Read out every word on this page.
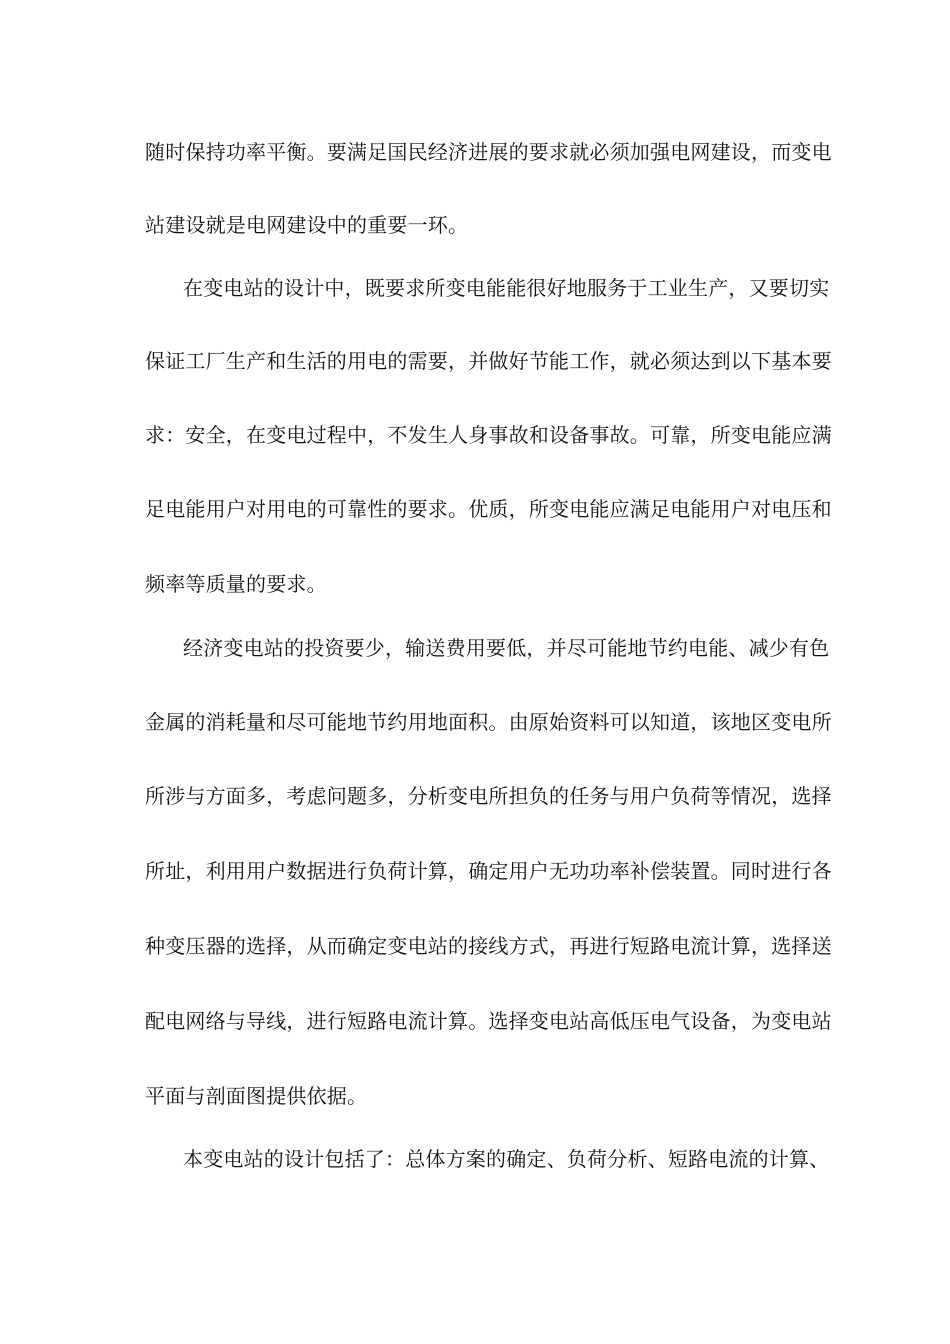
随时保持功率平衡。要满足国民经济进展的要求就必须加强电网建设，而变电
站建设就是电网建设中的重要一环。
在变电站的设计中，既要求所变电能能很好地服务于工业生产，又要切实
保证工厂生产和生活的用电的需要，并做好节能工作，就必须达到以下基本要
求：安全，在变电过程中，不发生人身事故和设备事故。可靠，所变电能应满
足电能用户对用电的可靠性的要求。优质，所变电能应满足电能用户对电压和
频率等质量的要求。
经济变电站的投资要少，输送费用要低，并尽可能地节约电能、减少有色
金属的消耗量和尽可能地节约用地面积。由原始资料可以知道，该地区变电所
所涉与方面多，考虑问题多，分析变电所担负的任务与用户负荷等情况，选择
所址，利用用户数据进行负荷计算，确定用户无功功率补偿装置。同时进行各
种变压器的选择，从而确定变电站的接线方式，再进行短路电流计算，选择送
配电网络与导线，进行短路电流计算。选择变电站高低压电气设备，为变电站
平面与剖面图提供依据。
本变电站的设计包括了：总体方案的确定、负荷分析、短路电流的计算、
